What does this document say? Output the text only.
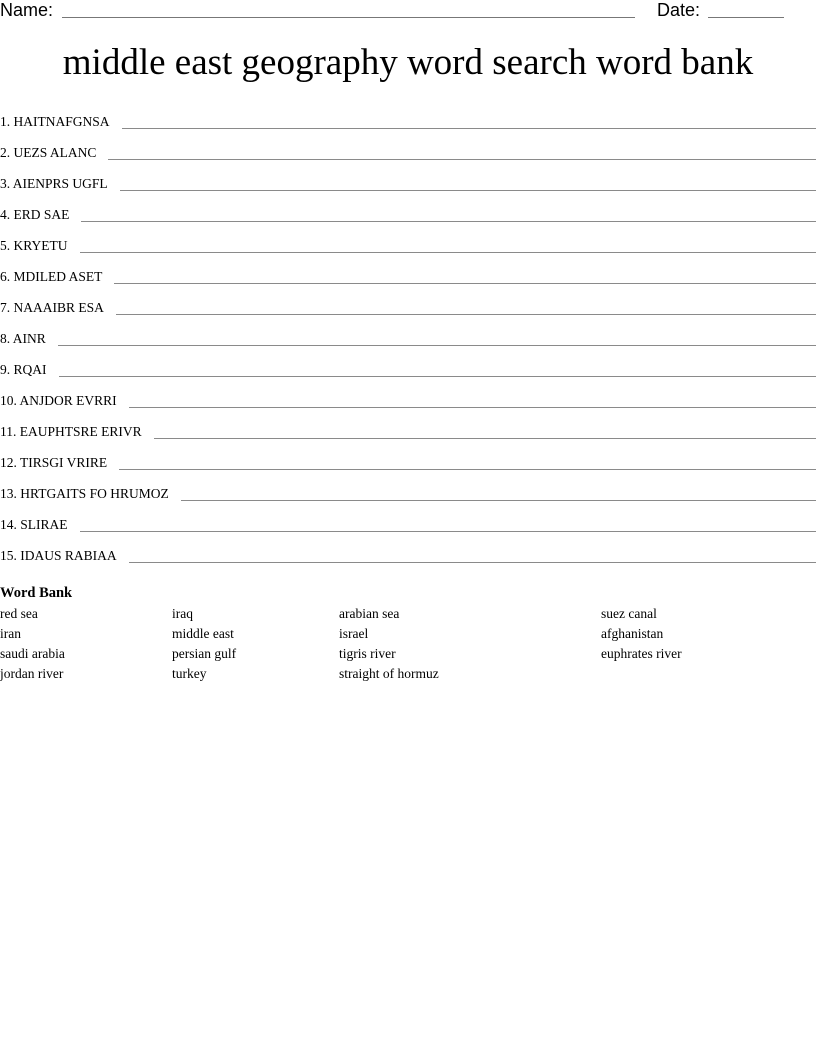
Name:	Date:
middle east geography word search word bank
1. HAITNAFGNSA
2. UEZS ALANC
3. AIENPRS UGFL
4. ERD SAE
5. KRYETU
6. MDILED ASET
7. NAAAIBR ESA
8. AINR
9. RQAI
10. ANJDOR EVRRI
11. EAUPHTSRE ERIVR
12. TIRSGI VRIRE
13. HRTGAITS FO HRUMOZ
14. SLIRAE
15. IDAUS RABIAA
Word Bank
red sea
iran
saudi arabia
jordan river
iraq
middle east
persian gulf
turkey
arabian sea
israel
tigris river
straight of hormuz
suez canal
afghanistan
euphrates river
